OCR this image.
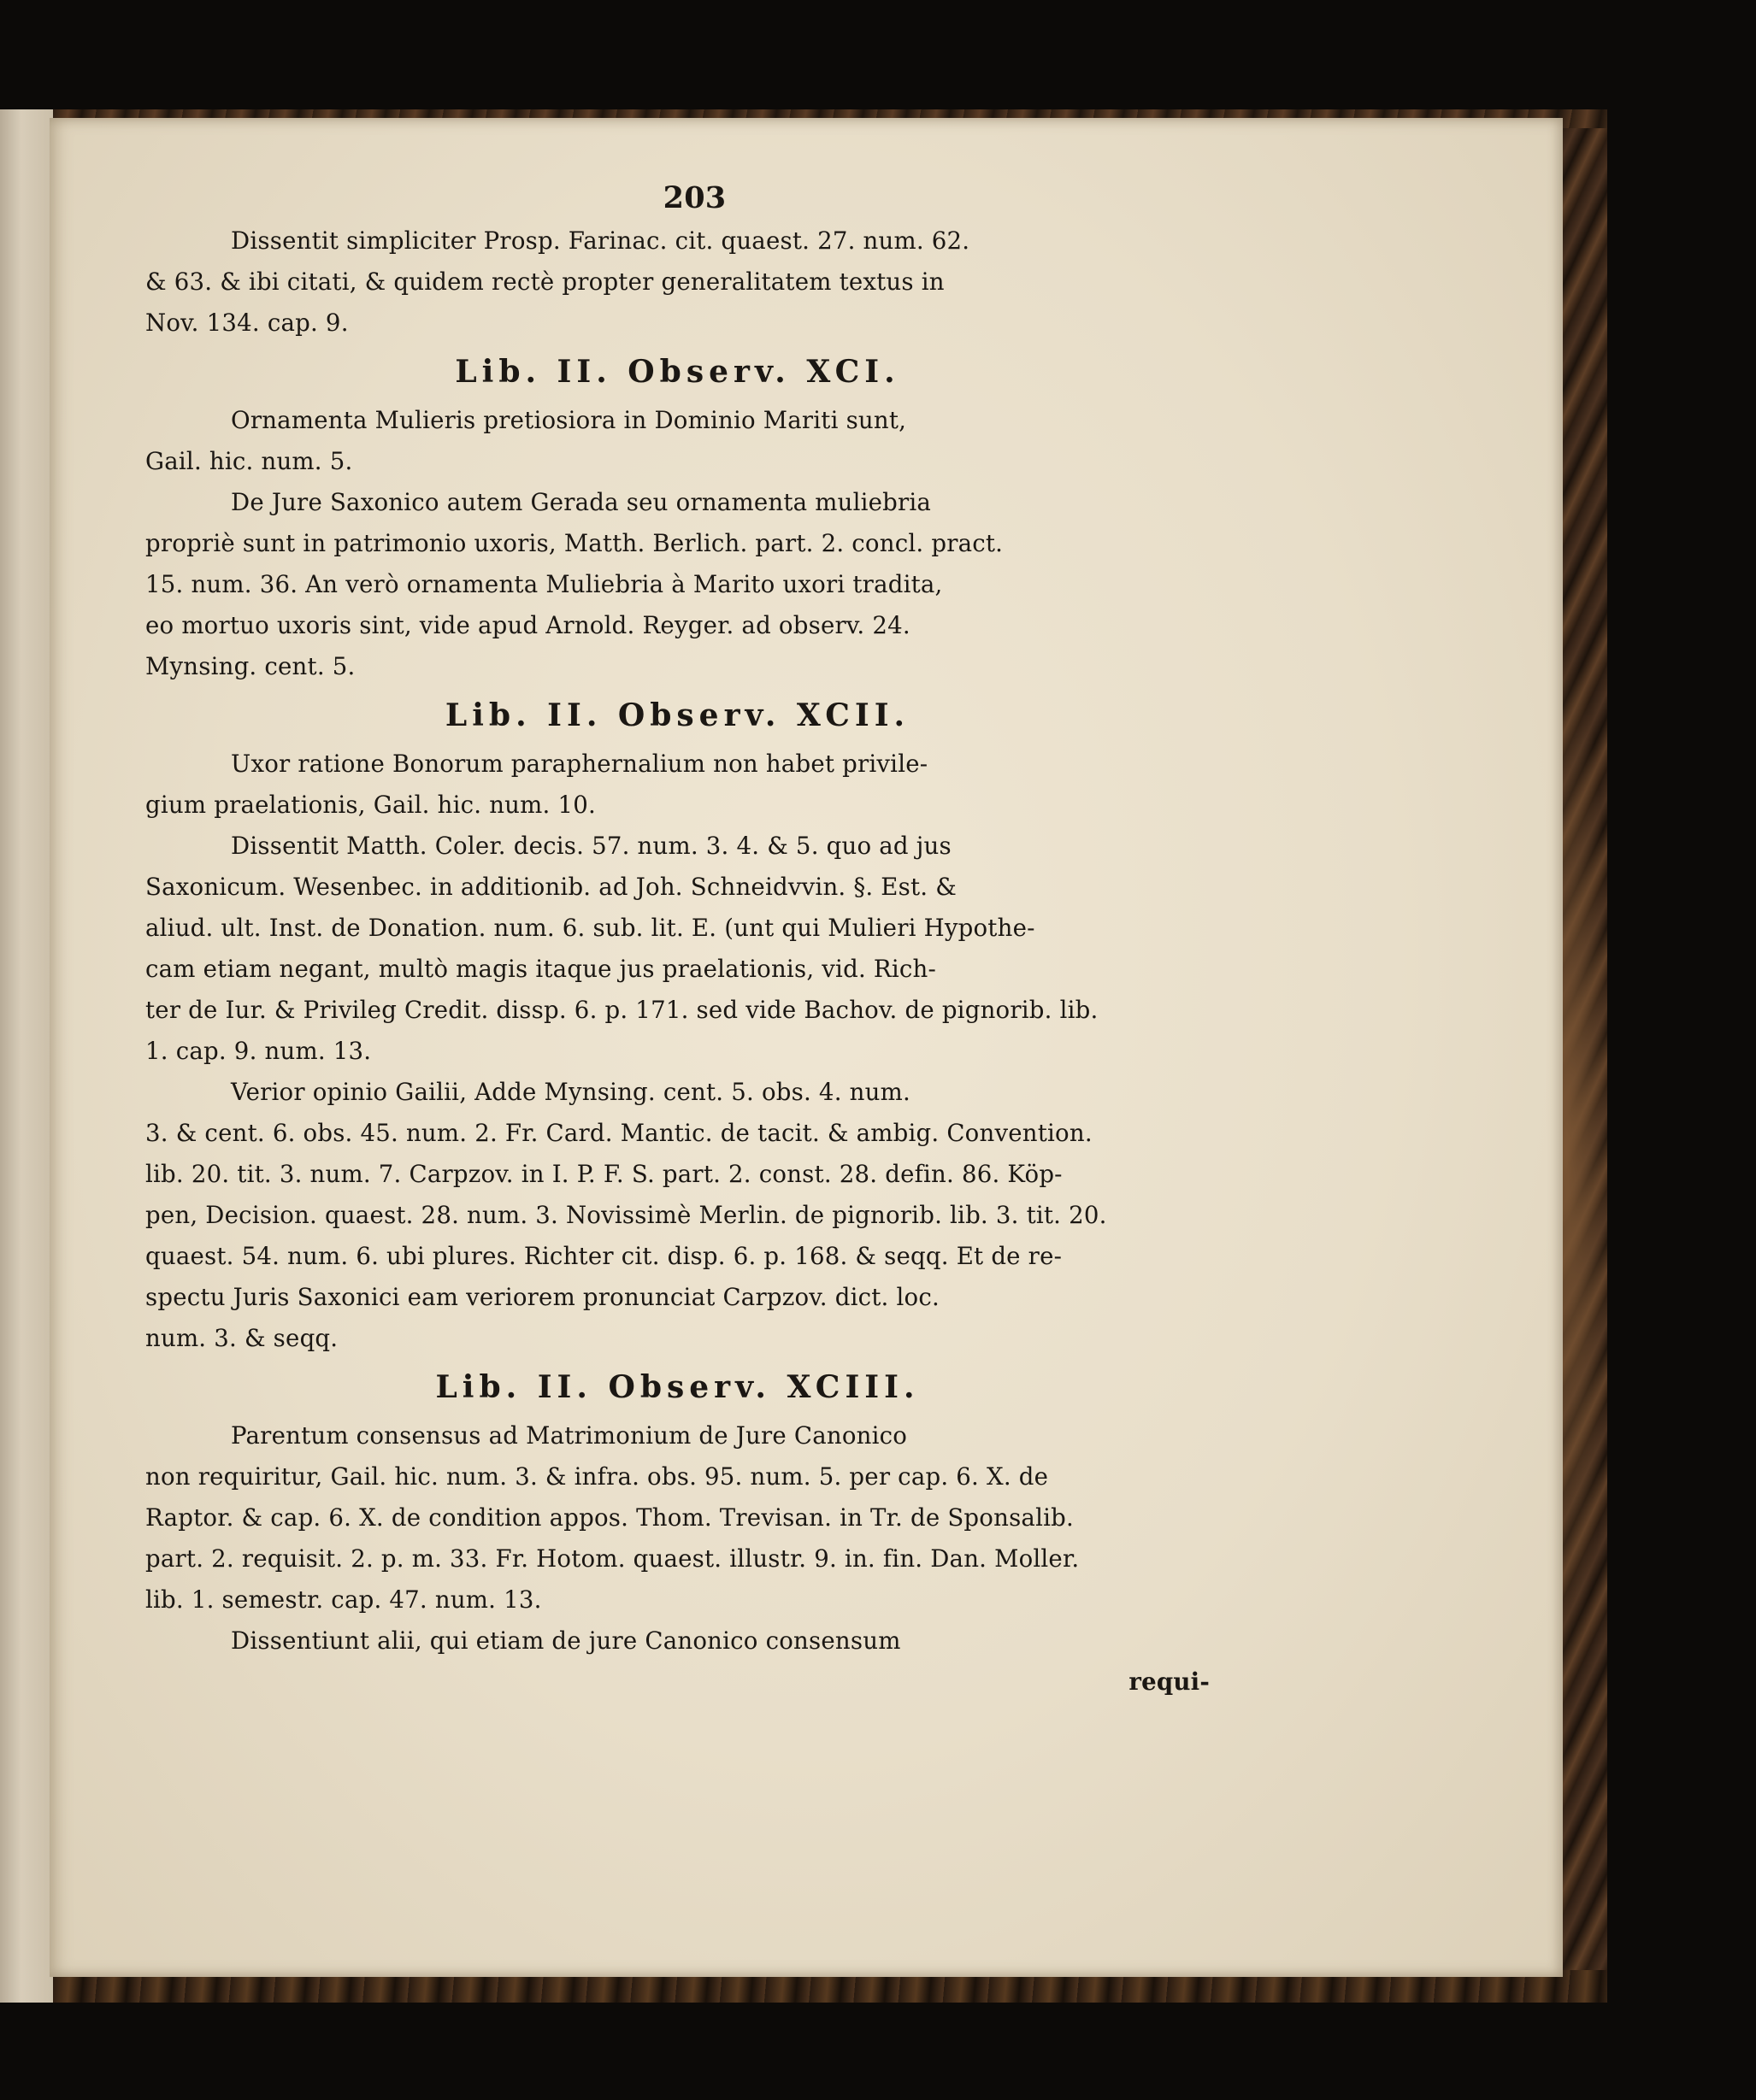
203
Dissentit simpliciter Prosp. Farinac. cit. quaest. 27. num. 62.
& 63. & ibi citati, & quidem rectè propter generalitatem textus in
Nov. 134. cap. 9.
Lib. II. Observ. XCI.
Ornamenta Mulieris pretiosiora in Dominio Mariti sunt,
Gail. hic. num. 5.
De Jure Saxonico autem Gerada seu ornamenta muliebria
propriè sunt in patrimonio uxoris, Matth. Berlich. part. 2. concl. pract.
15. num. 36. An verò ornamenta Muliebria à Marito uxori tradita,
eo mortuo uxoris sint, vide apud Arnold. Reyger. ad observ. 24.
Mynsing. cent. 5.
Lib. II. Observ. XCII.
Uxor ratione Bonorum paraphernalium non habet privile-
gium praelationis, Gail. hic. num. 10.
Dissentit Matth. Coler. decis. 57. num. 3. 4. & 5. quo ad jus
Saxonicum. Wesenbec. in additionib. ad Joh. Schneidvvin. §. Est. &
aliud. ult. Inst. de Donation. num. 6. sub. lit. E. (unt qui Mulieri Hypothe-
cam etiam negant, multò magis itaque jus praelationis, vid. Rich-
ter de Iur. & Privileg Credit. dissp. 6. p. 171. sed vide Bachov. de pignorib. lib.
1. cap. 9. num. 13.
Verior opinio Gailii, Adde Mynsing. cent. 5. obs. 4. num.
3. & cent. 6. obs. 45. num. 2. Fr. Card. Mantic. de tacit. & ambig. Convention.
lib. 20. tit. 3. num. 7. Carpzov. in I. P. F. S. part. 2. const. 28. defin. 86. Köp-
pen, Decision. quaest. 28. num. 3. Novissimè Merlin. de pignorib. lib. 3. tit. 20.
quaest. 54. num. 6. ubi plures. Richter cit. disp. 6. p. 168. & seqq. Et de re-
spectu Juris Saxonici eam veriorem pronunciat Carpzov. dict. loc.
num. 3. & seqq.
Lib. II. Observ. XCIII.
Parentum consensus ad Matrimonium de Jure Canonico
non requiritur, Gail. hic. num. 3. & infra. obs. 95. num. 5. per cap. 6. X. de
Raptor. & cap. 6. X. de condition appos. Thom. Trevisan. in Tr. de Sponsalib.
part. 2. requisit. 2. p. m. 33. Fr. Hotom. quaest. illustr. 9. in. fin. Dan. Moller.
lib. 1. semestr. cap. 47. num. 13.
Dissentiunt alii, qui etiam de jure Canonico consensum
requi-
